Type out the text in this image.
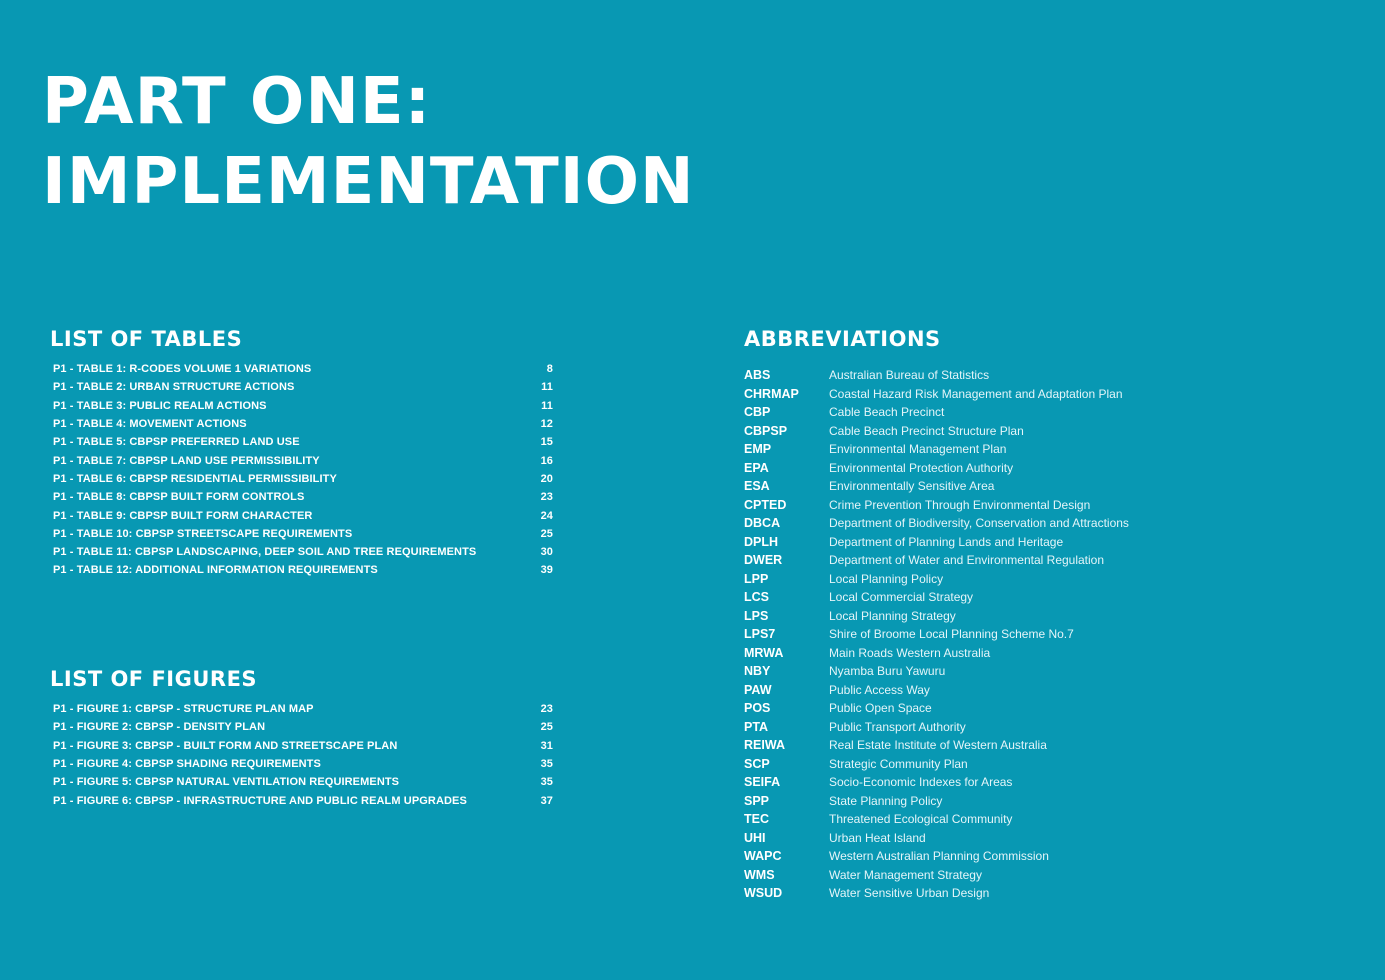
PART ONE:
IMPLEMENTATION
LIST OF TABLES
P1 - TABLE 1: R-CODES VOLUME 1 VARIATIONS	8
P1 - TABLE 2: URBAN STRUCTURE ACTIONS	11
P1 - TABLE 3: PUBLIC REALM ACTIONS	11
P1 - TABLE 4: MOVEMENT ACTIONS	12
P1 - TABLE 5: CBPSP PREFERRED LAND USE	15
P1 - TABLE 7: CBPSP LAND USE PERMISSIBILITY	16
P1 - TABLE 6: CBPSP RESIDENTIAL PERMISSIBILITY	20
P1 - TABLE 8: CBPSP BUILT FORM CONTROLS	23
P1 - TABLE 9: CBPSP BUILT FORM CHARACTER	24
P1 - TABLE 10: CBPSP STREETSCAPE REQUIREMENTS	25
P1 - TABLE 11: CBPSP LANDSCAPING, DEEP SOIL AND TREE REQUIREMENTS	30
P1 - TABLE 12: ADDITIONAL INFORMATION REQUIREMENTS	39
LIST OF FIGURES
P1 - FIGURE 1: CBPSP - STRUCTURE PLAN MAP	23
P1 - FIGURE 2: CBPSP - DENSITY PLAN	25
P1 - FIGURE 3: CBPSP - BUILT FORM AND STREETSCAPE PLAN	31
P1 - FIGURE 4: CBPSP SHADING REQUIREMENTS	35
P1 - FIGURE 5: CBPSP NATURAL VENTILATION REQUIREMENTS	35
P1 - FIGURE 6: CBPSP - INFRASTRUCTURE AND PUBLIC REALM UPGRADES	37
ABBREVIATIONS
ABS	Australian Bureau of Statistics
CHRMAP	Coastal Hazard Risk Management and Adaptation Plan
CBP	Cable Beach Precinct
CBPSP	Cable Beach Precinct Structure Plan
EMP	Environmental Management Plan
EPA	Environmental Protection Authority
ESA	Environmentally Sensitive Area
CPTED	Crime Prevention Through Environmental Design
DBCA	Department of Biodiversity, Conservation and Attractions
DPLH	Department of Planning Lands and Heritage
DWER	Department of Water and Environmental Regulation
LPP	Local Planning Policy
LCS	Local Commercial Strategy
LPS	Local Planning Strategy
LPS7	Shire of Broome Local Planning Scheme No.7
MRWA	Main Roads Western Australia
NBY	Nyamba Buru Yawuru
PAW	Public Access Way
POS	Public Open Space
PTA	Public Transport Authority
REIWA	Real Estate Institute of Western Australia
SCP	Strategic Community Plan
SEIFA	Socio-Economic Indexes for Areas
SPP	State Planning Policy
TEC	Threatened Ecological Community
UHI	Urban Heat Island
WAPC	Western Australian Planning Commission
WMS	Water Management Strategy
WSUD	Water Sensitive Urban Design
